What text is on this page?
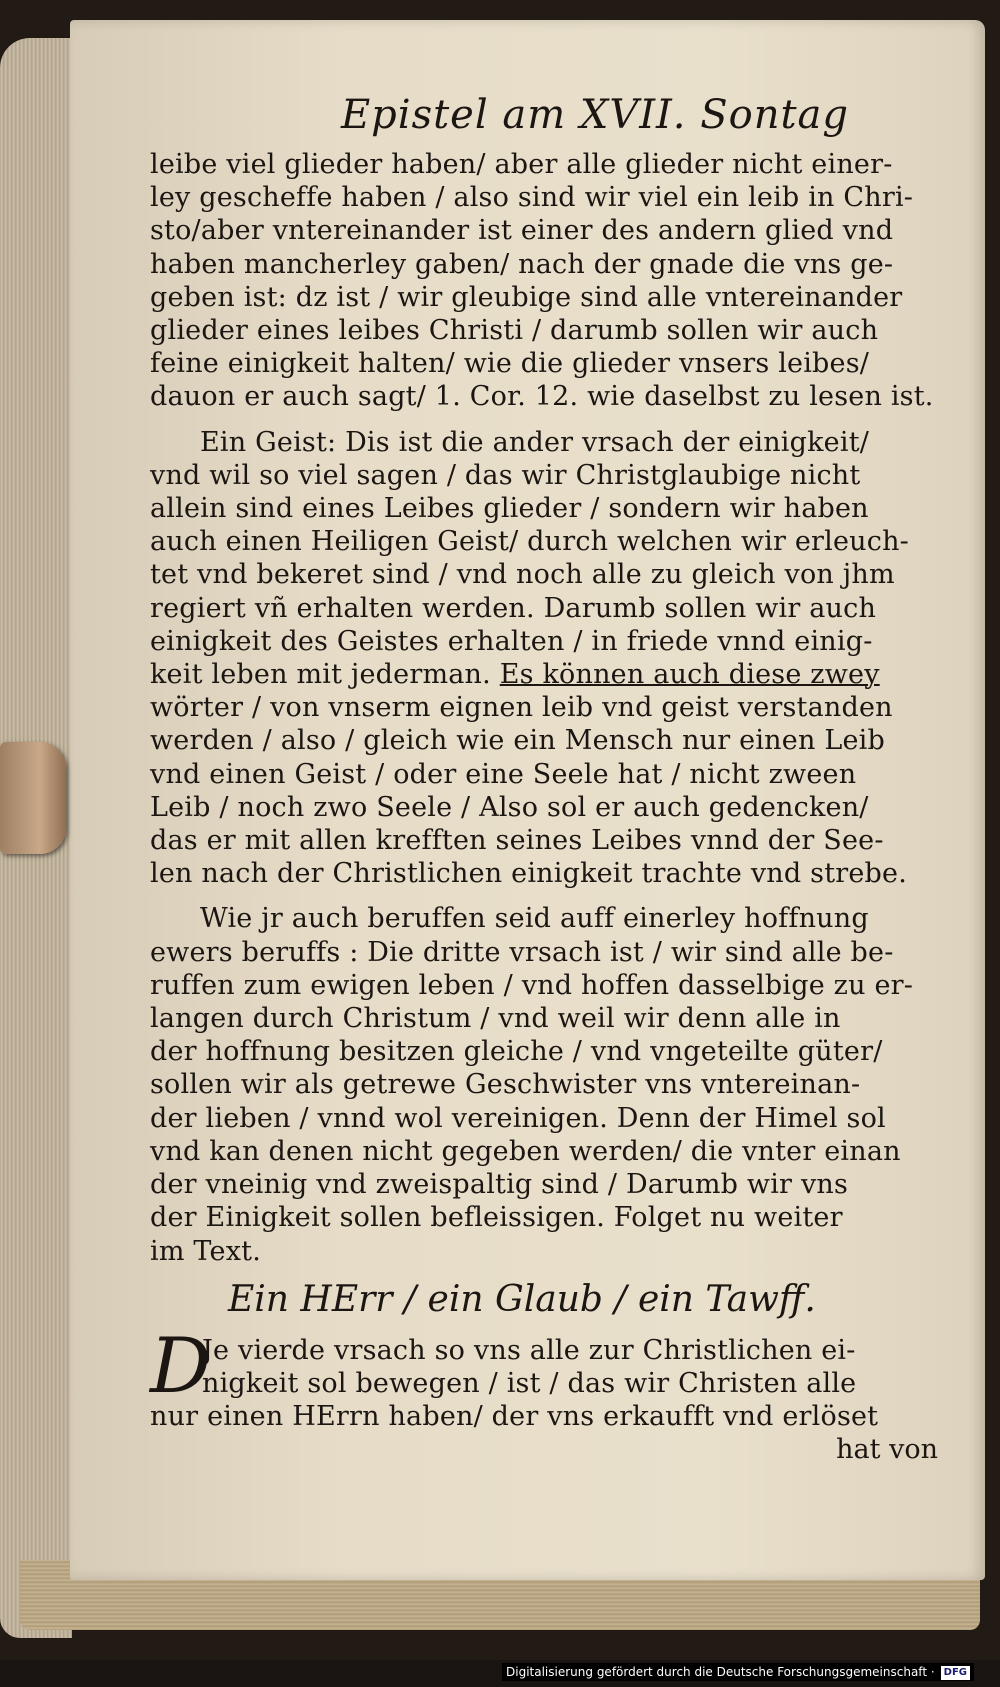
Epistel am XVII. Sontag
leibe viel glieder haben/ aber alle glieder nicht einer-
ley gescheffe haben / also sind wir viel ein leib in Chri-
sto/aber vntereinander ist einer des andern glied vnd
haben mancherley gaben/ nach der gnade die vns ge-
geben ist: dz ist / wir gleubige sind alle vntereinander
glieder eines leibes Christi / darumb sollen wir auch
feine einigkeit halten/ wie die glieder vnsers leibes/
dauon er auch sagt/ 1. Cor. 12. wie daselbst zu lesen ist.
Ein Geist: Dis ist die ander vrsach der einigkeit/
vnd wil so viel sagen / das wir Christglaubige nicht
allein sind eines Leibes glieder / sondern wir haben
auch einen Heiligen Geist/ durch welchen wir erleuch-
tet vnd bekeret sind / vnd noch alle zu gleich von jhm
regiert vñ erhalten werden. Darumb sollen wir auch
einigkeit des Geistes erhalten / in friede vnnd einig-
keit leben mit jederman. Es können auch diese zwey
wörter / von vnserm eignen leib vnd geist verstanden
werden / also / gleich wie ein Mensch nur einen Leib
vnd einen Geist / oder eine Seele hat / nicht zween
Leib / noch zwo Seele / Also sol er auch gedencken/
das er mit allen krefften seines Leibes vnnd der See-
len nach der Christlichen einigkeit trachte vnd strebe.
Wie jr auch beruffen seid auff einerley hoffnung
ewers beruffs : Die dritte vrsach ist / wir sind alle be-
ruffen zum ewigen leben / vnd hoffen dasselbige zu er-
langen durch Christum / vnd weil wir denn alle in
der hoffnung besitzen gleiche / vnd vngeteilte güter/
sollen wir als getrewe Geschwister vns vntereinan-
der lieben / vnnd wol vereinigen. Denn der Himel sol
vnd kan denen nicht gegeben werden/ die vnter einan
der vneinig vnd zweispaltig sind / Darumb wir vns
der Einigkeit sollen befleissigen. Folget nu weiter
im Text.
Ein HErr / ein Glaub / ein Tawff.
D
Je vierde vrsach so vns alle zur Christlichen ei-
nigkeit sol bewegen / ist / das wir Christen alle
nur einen HErrn haben/ der vns erkaufft vnd erlöset
hat von
Digitalisierung gefördert durch die Deutsche Forschungsgemeinschaft · DFG
